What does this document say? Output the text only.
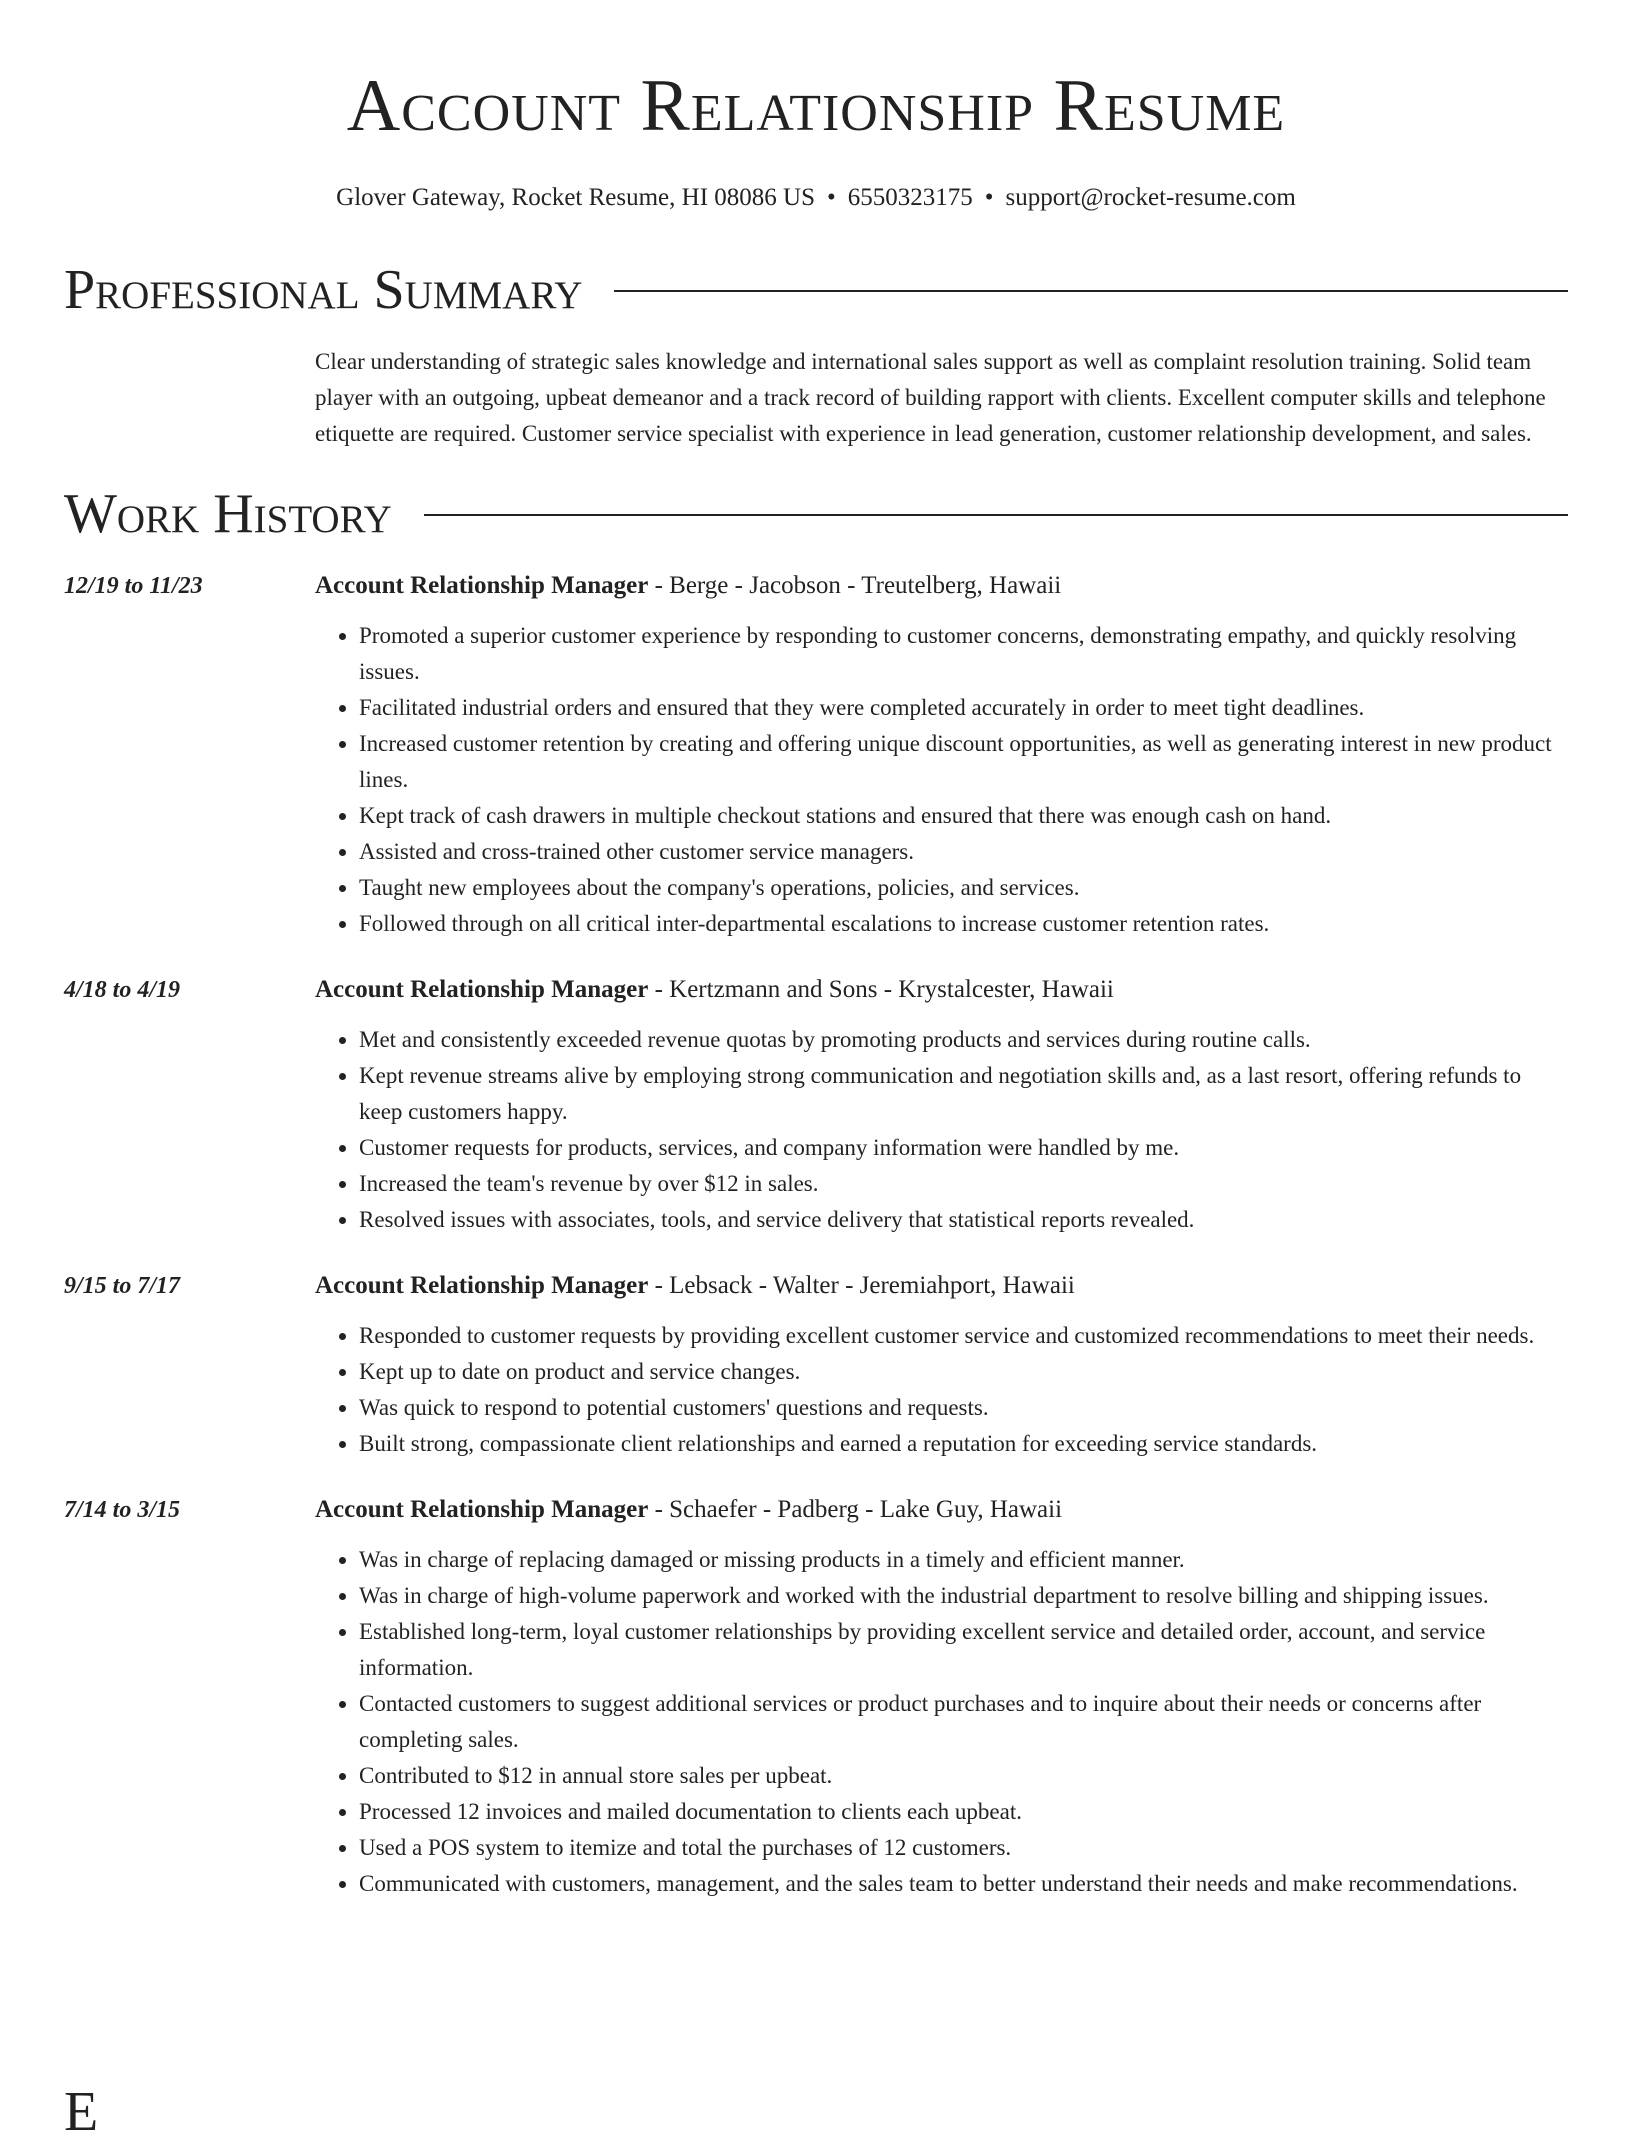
Account Relationship Resume
Glover Gateway, Rocket Resume, HI 08086 US • 6550323175 • support@rocket-resume.com
Professional Summary
Clear understanding of strategic sales knowledge and international sales support as well as complaint resolution training. Solid team player with an outgoing, upbeat demeanor and a track record of building rapport with clients. Excellent computer skills and telephone etiquette are required. Customer service specialist with experience in lead generation, customer relationship development, and sales.
Work History
12/19 to 11/23	Account Relationship Manager - Berge - Jacobson - Treutelberg, Hawaii
• Promoted a superior customer experience by responding to customer concerns, demonstrating empathy, and quickly resolving issues.
• Facilitated industrial orders and ensured that they were completed accurately in order to meet tight deadlines.
• Increased customer retention by creating and offering unique discount opportunities, as well as generating interest in new product lines.
• Kept track of cash drawers in multiple checkout stations and ensured that there was enough cash on hand.
• Assisted and cross-trained other customer service managers.
• Taught new employees about the company's operations, policies, and services.
• Followed through on all critical inter-departmental escalations to increase customer retention rates.
4/18 to 4/19	Account Relationship Manager - Kertzmann and Sons - Krystalcester, Hawaii
• Met and consistently exceeded revenue quotas by promoting products and services during routine calls.
• Kept revenue streams alive by employing strong communication and negotiation skills and, as a last resort, offering refunds to keep customers happy.
• Customer requests for products, services, and company information were handled by me.
• Increased the team's revenue by over $12 in sales.
• Resolved issues with associates, tools, and service delivery that statistical reports revealed.
9/15 to 7/17	Account Relationship Manager - Lebsack - Walter - Jeremiahport, Hawaii
• Responded to customer requests by providing excellent customer service and customized recommendations to meet their needs.
• Kept up to date on product and service changes.
• Was quick to respond to potential customers' questions and requests.
• Built strong, compassionate client relationships and earned a reputation for exceeding service standards.
7/14 to 3/15	Account Relationship Manager - Schaefer - Padberg - Lake Guy, Hawaii
• Was in charge of replacing damaged or missing products in a timely and efficient manner.
• Was in charge of high-volume paperwork and worked with the industrial department to resolve billing and shipping issues.
• Established long-term, loyal customer relationships by providing excellent service and detailed order, account, and service information.
• Contacted customers to suggest additional services or product purchases and to inquire about their needs or concerns after completing sales.
• Contributed to $12 in annual store sales per upbeat.
• Processed 12 invoices and mailed documentation to clients each upbeat.
• Used a POS system to itemize and total the purchases of 12 customers.
• Communicated with customers, management, and the sales team to better understand their needs and make recommendations.
E
